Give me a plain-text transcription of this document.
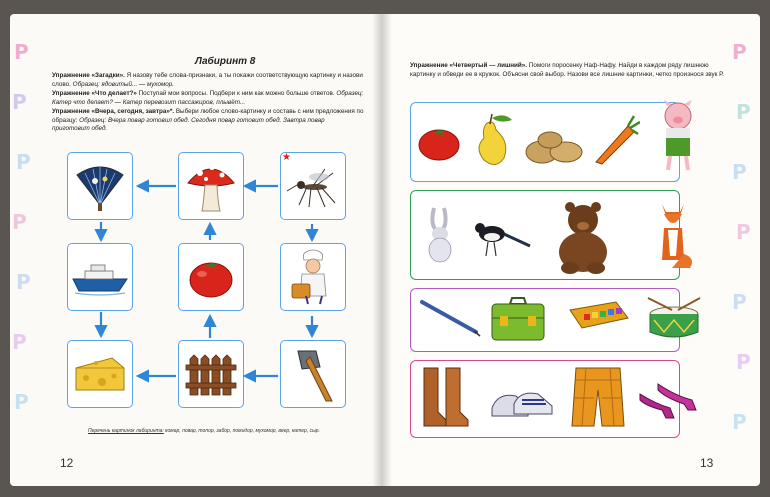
Р
Р
Р
Р
Р
Р
Р
Р
Р
Р
Р
Р
Р
Р
Лабиринт 8
Упражнение «Загадки». Я назову тебе слова-признаки, а ты покажи соответствующую картинку и назови слово. Образец: ядовитый... — мухомор.
Упражнение «Что делает?» Поступай мои вопросы. Подбери к ним как можно больше ответов. Образец: Катер что делает? — Катер перевозит пассажиров, плывёт...
Упражнение «Вчера, сегодня, завтра»*. Выбери любое слово-картинку и составь с ним предложения по образцу: Образец: Вчера повар готовил обед. Сегодня повар готовит обед. Завтра повар приготовит обед.
★
Перечень картинок лабиринта: комар, повар, топор, забор, помидор, мухомор, веер, катер, сыр.
12
Упражнение «Четвертый — лишний». Помоги поросенку Наф-Нафу. Найди в каждом ряду лишнюю картинку и обведи ее в кружок. Объясни свой выбор. Назови все лишние картинки, четко произнося звук Р.
13
